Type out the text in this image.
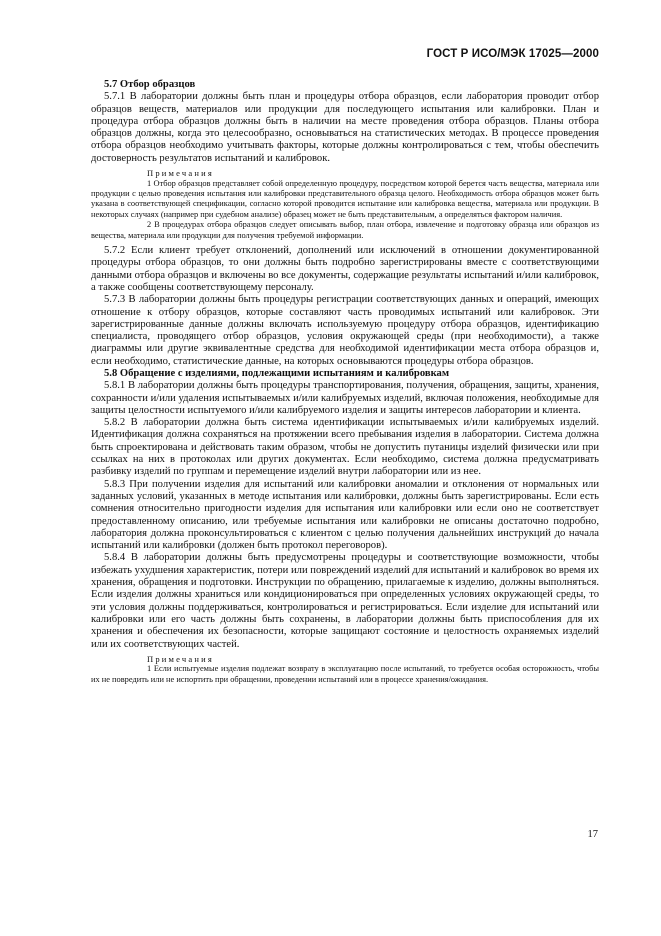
ГОСТ Р ИСО/МЭК 17025—2000

5.7 Отбор образцов

5.7.1 В лаборатории должны быть план и процедуры отбора образцов, если лаборатория проводит отбор образцов веществ, материалов или продукции для последующего испытания или калибровки. План и процедура отбора образцов должны быть в наличии на месте проведения отбора образцов. Планы отбора образцов должны, когда это целесообразно, основываться на статистических методах. В процессе проведения отбора образцов необходимо учитывать факторы, которые должны контролироваться с тем, чтобы обеспечить достоверность результатов испытаний и калибровок.

Примечания

1 Отбор образцов представляет собой определенную процедуру, посредством которой берется часть вещества, материала или продукции с целью проведения испытания или калибровки представительного образца целого. Необходимость отбора образцов может быть указана в соответствующей спецификации, согласно которой проводится испытание или калибровка вещества, материала или продукции. В некоторых случаях (например при судебном анализе) образец может не быть представительным, а определяться фактором наличия.

2 В процедурах отбора образцов следует описывать выбор, план отбора, извлечение и подготовку образца или образцов из вещества, материала или продукции для получения требуемой информации.

5.7.2 Если клиент требует отклонений, дополнений или исключений в отношении документированной процедуры отбора образцов, то они должны быть подробно зарегистрированы вместе с соответствующими данными отбора образцов и включены во все документы, содержащие результаты испытаний и/или калибровок, а также сообщены соответствующему персоналу.

5.7.3 В лаборатории должны быть процедуры регистрации соответствующих данных и операций, имеющих отношение к отбору образцов, которые составляют часть проводимых испытаний или калибровок. Эти зарегистрированные данные должны включать используемую процедуру отбора образцов, идентификацию специалиста, проводящего отбор образцов, условия окружающей среды (при необходимости), а также диаграммы или другие эквивалентные средства для необходимой идентификации места отбора образцов и, если необходимо, статистические данные, на которых основываются процедуры отбора образцов.

5.8 Обращение с изделиями, подлежащими испытаниям и калибровкам

5.8.1 В лаборатории должны быть процедуры транспортирования, получения, обращения, защиты, хранения, сохранности и/или удаления испытываемых и/или калибруемых изделий, включая положения, необходимые для защиты целостности испытуемого и/или калибруемого изделия и защиты интересов лаборатории и клиента.

5.8.2 В лаборатории должна быть система идентификации испытываемых и/или калибруемых изделий. Идентификация должна сохраняться на протяжении всего пребывания изделия в лаборатории. Система должна быть спроектирована и действовать таким образом, чтобы не допустить путаницы изделий физически или при ссылках на них в протоколах или других документах. Если необходимо, система должна предусматривать разбивку изделий по группам и перемещение изделий внутри лаборатории или из нее.

5.8.3 При получении изделия для испытаний или калибровки аномалии и отклонения от нормальных или заданных условий, указанных в методе испытания или калибровки, должны быть зарегистрированы. Если есть сомнения относительно пригодности изделия для испытания или калибровки или если оно не соответствует предоставленному описанию, или требуемые испытания или калибровки не описаны достаточно подробно, лаборатория должна проконсультироваться с клиентом с целью получения дальнейших инструкций до начала испытаний или калибровки (должен быть протокол переговоров).

5.8.4 В лаборатории должны быть предусмотрены процедуры и соответствующие возможности, чтобы избежать ухудшения характеристик, потери или повреждений изделий для испытаний и калибровок во время их хранения, обращения и подготовки. Инструкции по обращению, прилагаемые к изделию, должны выполняться. Если изделия должны храниться или кондиционироваться при определенных условиях окружающей среды, то эти условия должны поддерживаться, контролироваться и регистрироваться. Если изделие для испытаний или калибровки или его часть должны быть сохранены, в лаборатории должны быть приспособления для их хранения и обеспечения их безопасности, которые защищают состояние и целостность охраняемых изделий или их соответствующих частей.

Примечания

1 Если испытуемые изделия подлежат возврату в эксплуатацию после испытаний, то требуется особая осторожность, чтобы их не повредить или не испортить при обращении, проведении испытаний или в процессе хранения/ожидания.

17
